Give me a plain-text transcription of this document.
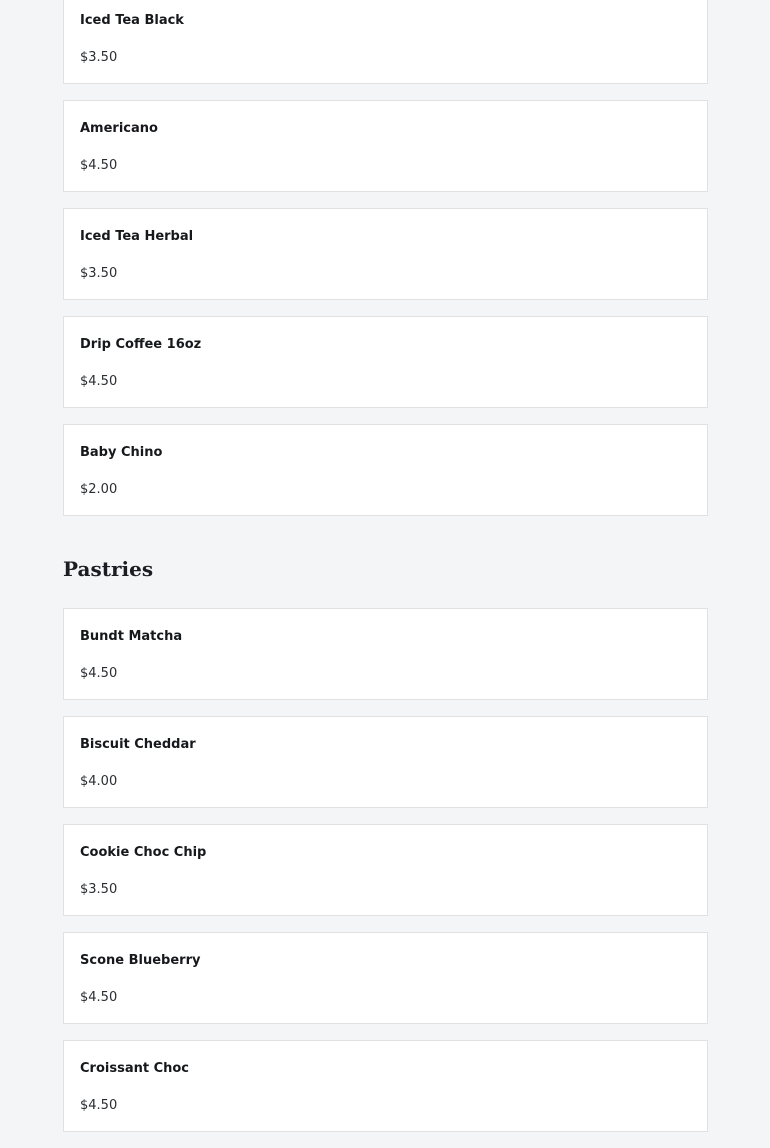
Iced Tea Black
$3.50
Americano
$4.50
Iced Tea Herbal
$3.50
Drip Coffee 16oz
$4.50
Baby Chino
$2.00
Pastries
Bundt Matcha
$4.50
Biscuit Cheddar
$4.00
Cookie Choc Chip
$3.50
Scone Blueberry
$4.50
Croissant Choc
$4.50
